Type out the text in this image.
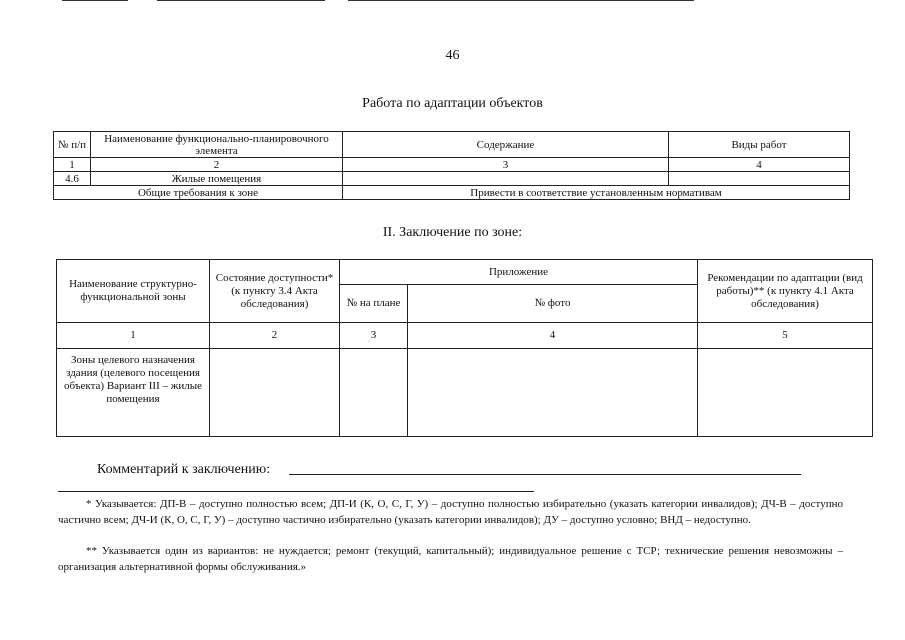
46
Работа по адаптации объектов
№ п/п	Наименование функционально-планировочного элемента	Содержание	Виды работ
1	2	3	4
4.6	Жилые помещения		
Общие требования к зоне		Привести в соответствие установленным нормативам	
II. Заключение по зоне:
Наименование структурно-функциональной зоны	Состояние доступности* (к пункту 3.4 Акта обследования)	Приложение		Рекомендации по адаптации (вид работы)** (к пункту 4.1 Акта обследования)
		№ на плане	№ фото	
1	2	3	4	5
Зоны целевого назначения здания (целевого посещения объекта) Вариант III – жилые помещения				
Комментарий к заключению:
* Указывается: ДП-В – доступно полностью всем; ДП-И (К, О, С, Г, У) – доступно полностью избирательно (указать категории инвалидов); ДЧ-В – доступно частично всем; ДЧ-И (К, О, С, Г, У) – доступно частично избирательно (указать категории инвалидов); ДУ – доступно условно; ВНД – недоступно.
** Указывается один из вариантов: не нуждается; ремонт (текущий, капитальный); индивидуальное решение с ТСР; технические решения невозможны – организация альтернативной формы обслуживания.»
